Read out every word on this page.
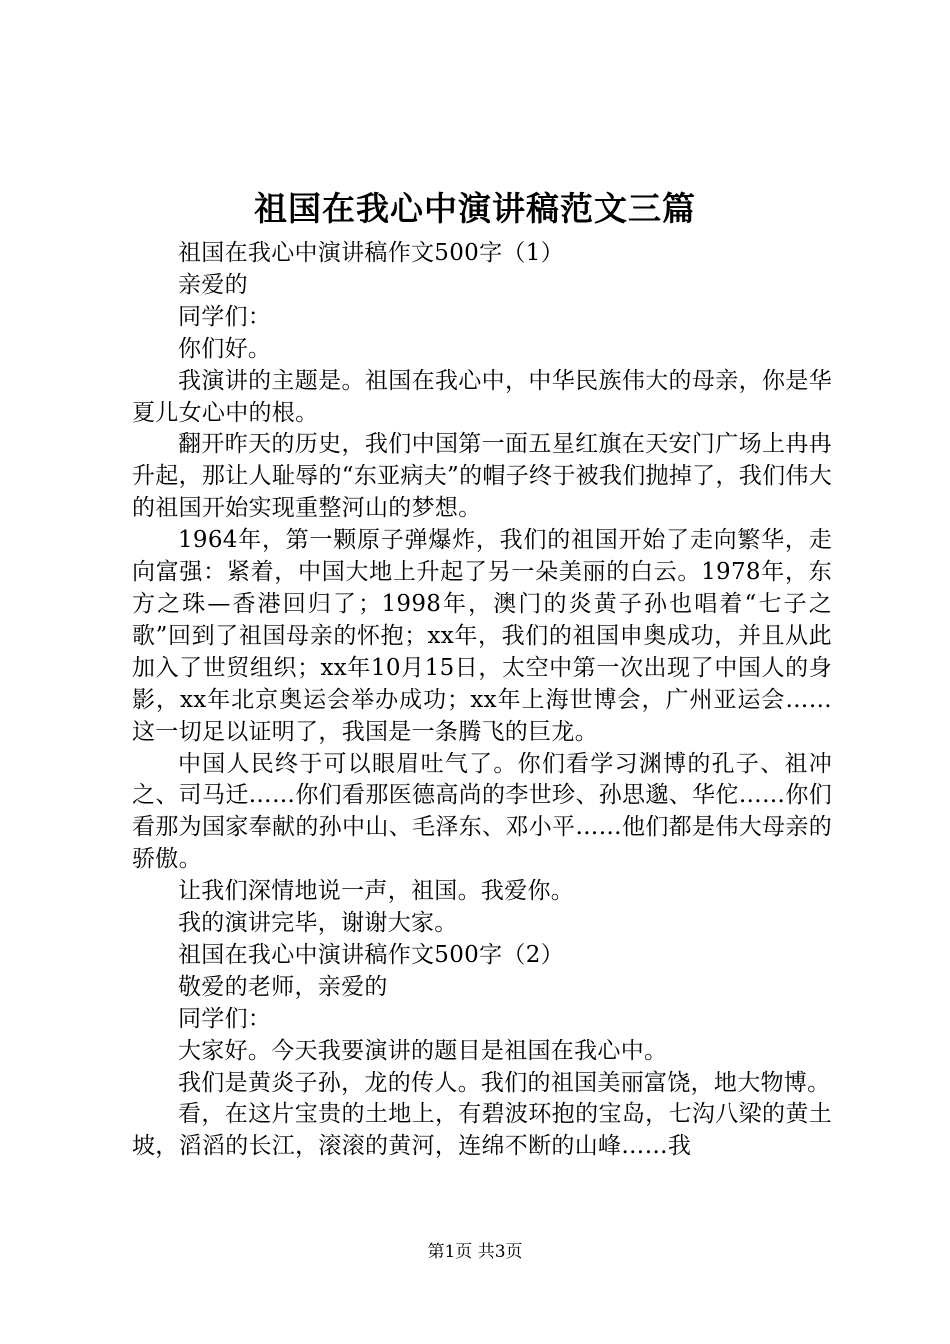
祖国在我心中演讲稿范文三篇

祖国在我心中演讲稿作文500字（1）

亲爱的

同学们：

你们好。

我演讲的主题是。祖国在我心中，中华民族伟大的母亲，你是华夏儿女心中的根。

翻开昨天的历史，我们中国第一面五星红旗在天安门广场上冉冉升起，那让人耻辱的“东亚病夫”的帽子终于被我们抛掉了，我们伟大的祖国开始实现重整河山的梦想。

1964年，第一颗原子弹爆炸，我们的祖国开始了走向繁华，走向富强：紧着，中国大地上升起了另一朵美丽的白云。1978年，东方之珠—香港回归了；1998年，澳门的炎黄子孙也唱着“七子之歌”回到了祖国母亲的怀抱；xx年，我们的祖国申奥成功，并且从此加入了世贸组织；xx年10月15日，太空中第一次出现了中国人的身影，xx年北京奥运会举办成功；xx年上海世博会，广州亚运会……这一切足以证明了，我国是一条腾飞的巨龙。

中国人民终于可以眼眉吐气了。你们看学习渊博的孔子、祖冲之、司马迁……你们看那医德高尚的李世珍、孙思邈、华佗……你们看那为国家奉献的孙中山、毛泽东、邓小平……他们都是伟大母亲的骄傲。

让我们深情地说一声，祖国。我爱你。

我的演讲完毕，谢谢大家。

祖国在我心中演讲稿作文500字（2）

敬爱的老师，亲爱的

同学们：

大家好。今天我要演讲的题目是祖国在我心中。

我们是黄炎子孙，龙的传人。我们的祖国美丽富饶，地大物博。

看，在这片宝贵的土地上，有碧波环抱的宝岛，七沟八梁的黄土坡，滔滔的长江，滚滚的黄河，连绵不断的山峰……我

第1页 共3页
